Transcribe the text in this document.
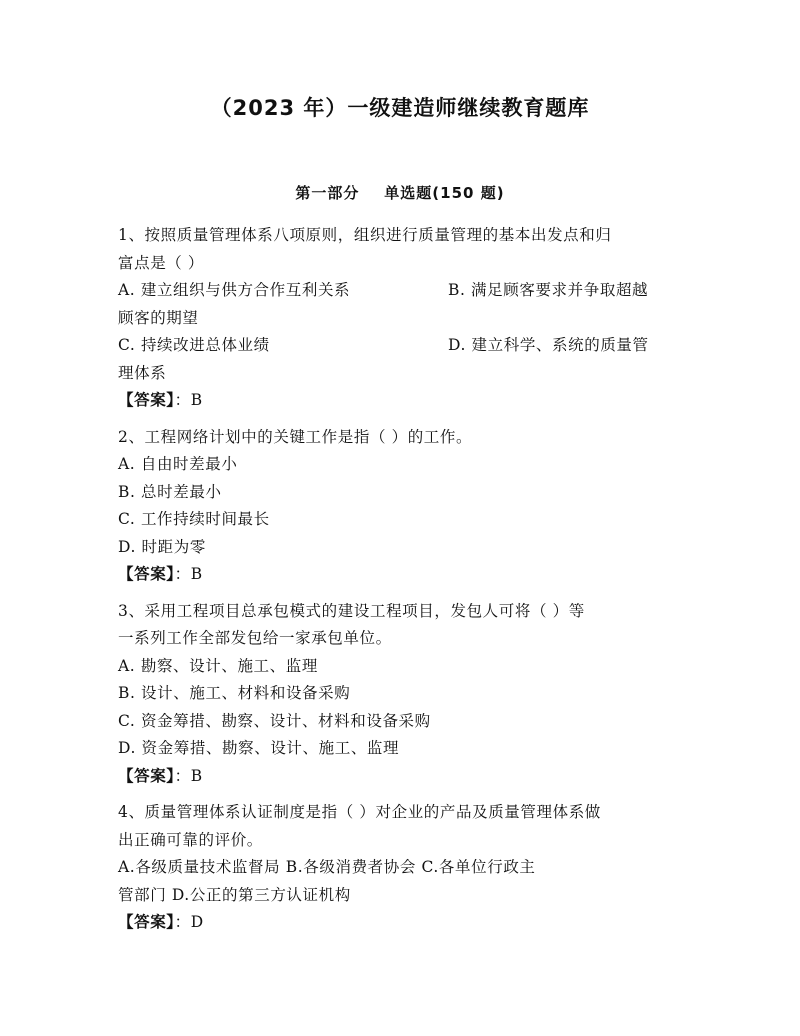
（2023 年）一级建造师继续教育题库
第一部分    单选题(150 题)
1、按照质量管理体系八项原则，组织进行质量管理的基本出发点和归
富点是（ ）
A. 建立组织与供方合作互利关系	B. 满足顾客要求并争取超越
顾客的期望
C. 持续改进总体业绩	D. 建立科学、系统的质量管
理体系
【答案】：B
2、工程网络计划中的关键工作是指（ ）的工作。
A. 自由时差最小
B. 总时差最小
C. 工作持续时间最长
D. 时距为零
【答案】：B
3、采用工程项目总承包模式的建设工程项目，发包人可将（ ）等
一系列工作全部发包给一家承包单位。
A. 勘察、设计、施工、监理
B. 设计、施工、材料和设备采购
C. 资金筹措、勘察、设计、材料和设备采购
D. 资金筹措、勘察、设计、施工、监理
【答案】：B
4、质量管理体系认证制度是指（ ）对企业的产品及质量管理体系做
出正确可靠的评价。
A.各级质量技术监督局 B.各级消费者协会 C.各单位行政主
管部门 D.公正的第三方认证机构
【答案】：D
